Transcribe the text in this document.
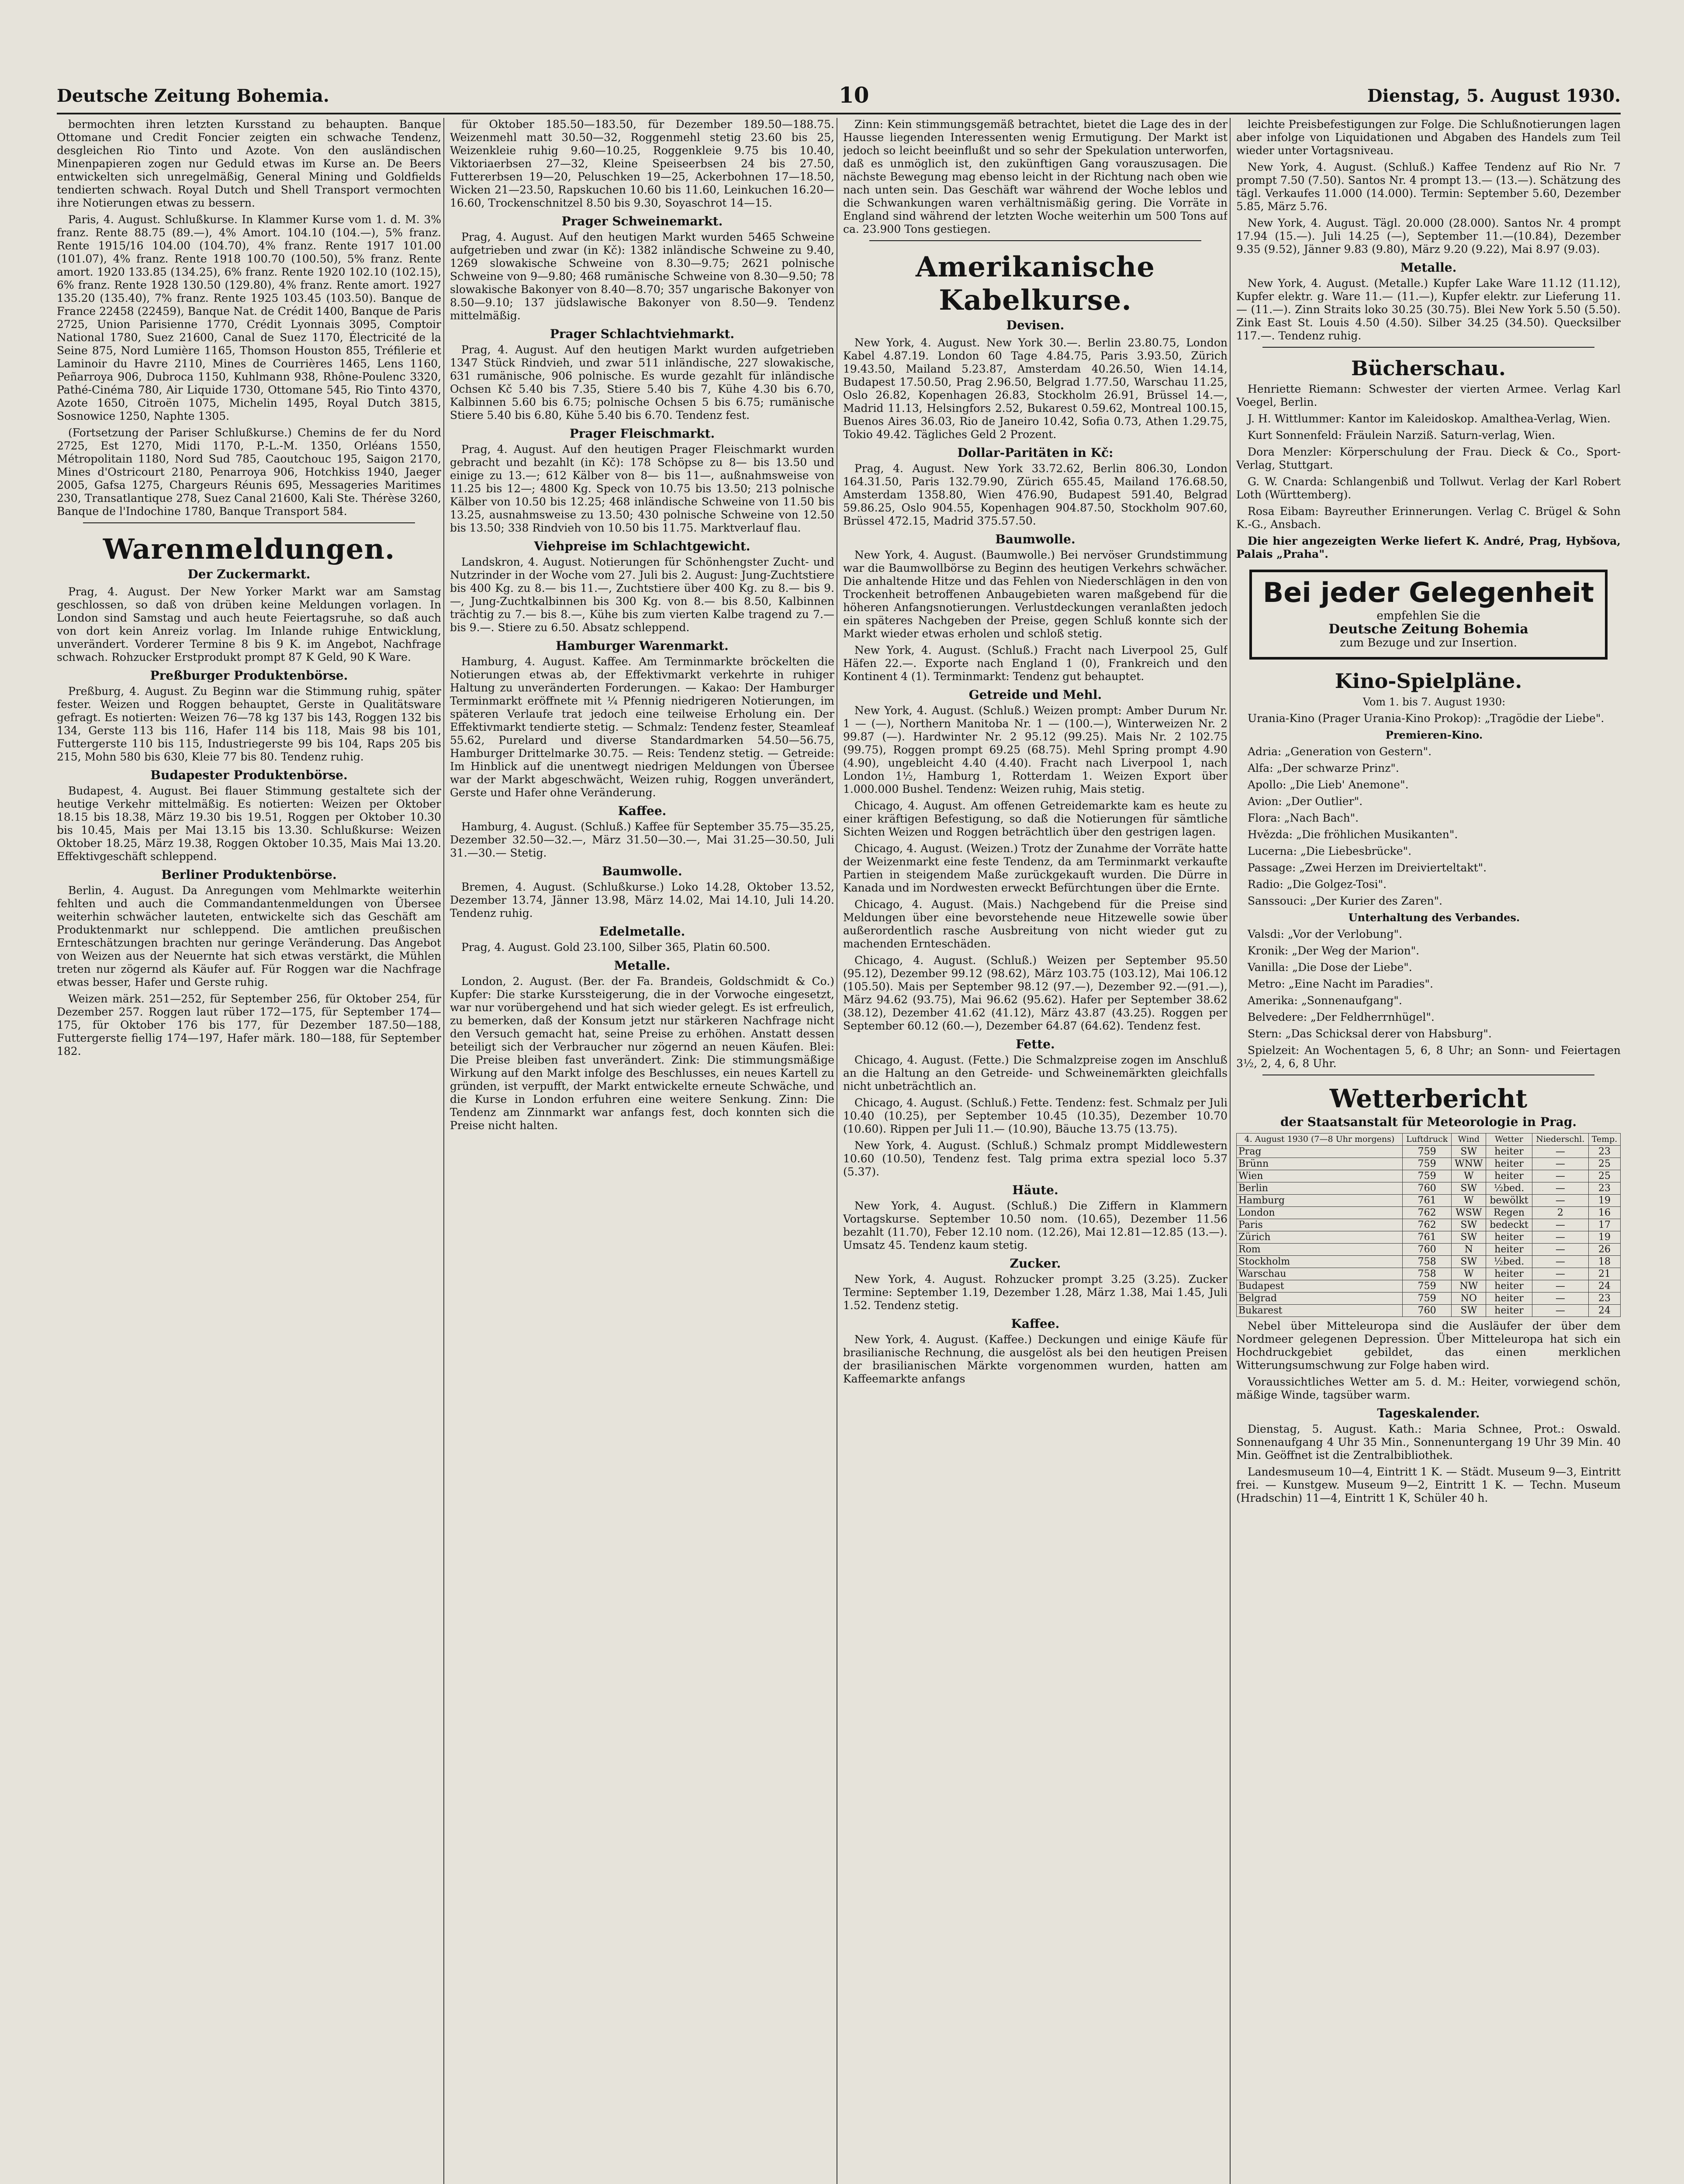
Deutsche Zeitung Bohemia.	10	Dienstag, 5. August 1930.

bermochten ihren letzten Kursstand zu behaupten. Banque Ottomane und Credit Foncier zeigten ein schwache Tendenz, desgleichen Rio Tinto und Azote. Von den ausländischen Minenpapieren zogen nur Geduld etwas im Kurse an. De Beers entwickelten sich unregelmäßig, General Mining und Goldfields tendierten schwach. Royal Dutch und Shell Transport vermochten ihre Notierungen etwas zu bessern.

Paris, 4. August. Schlußkurse. In Klammer Kurse vom 1. d. M. 3% franz. Rente 88.75 (89.—), 4% Amort. 104.10 (104.—), 5% franz. Rente 1915/16 104.00 (104.70), 4% franz. Rente 1917 101.00 (101.07), 4% franz. Rente 1918 100.70 (100.50), 5% franz. Rente amort. 1920 133.85 (134.25), 6% franz. Rente 1920 102.10 (102.15), 6% franz. Rente 1928 130.50 (129.80), 4% franz. Rente amort. 1927 135.20 (135.40), 7% franz. Rente 1925 103.45 (103.50). Banque de France 22458 (22459), Banque Nat. de Crédit 1400, Banque de Paris 2725, Union Parisienne 1770, Crédit Lyonnais 3095, Comptoir National 1780, Suez 21600, Canal de Suez 1170, Électricité de la Seine 875, Nord Lumière 1165, Thomson Houston 855, Tréfilerie et Laminoir du Havre 2110, Mines de Courrières 1465, Lens 1160, Peñarroya 906, Dubroca 1150, Kuhlmann 938, Rhône-Poulenc 3320, Pathé-Cinéma 780, Air Liquide 1730, Ottomane 545, Rio Tinto 4370, Azote 1650, Citroën 1075, Michelin 1495, Royal Dutch 3815, Sosnowice 1250, Naphte 1305.

(Fortsetzung der Pariser Schlußkurse.) Chemins de fer du Nord 2725, Est 1270, Midi 1170, P.-L.-M. 1350, Orléans 1550, Métropolitain 1180, Nord Sud 785, Caoutchouc 195, Saigon 2170, Mines d'Ostricourt 2180, Penarroya 906, Hotchkiss 1940, Jaeger 2005, Gafsa 1275, Chargeurs Réunis 695, Messageries Maritimes 230, Transatlantique 278, Suez Canal 21600, Kali Ste. Thérèse 3260, Banque de l'Indochine 1780, Banque Transport 584.

Warenmeldungen.
Der Zuckermarkt.

Prag, 4. August. Der New Yorker Markt war am Samstag geschlossen, so daß von drüben keine Meldungen vorlagen. In London sind Samstag und auch heute Feiertagsruhe, so daß auch von dort kein Anreiz vorlag. Im Inlande ruhige Entwicklung, unverändert. Vorderer Termine 8 bis 9 K. im Angebot, Nachfrage schwach. Rohzucker Erstprodukt prompt 87 K Geld, 90 K Ware.

Preßburger Produktenbörse.

Preßburg, 4. August. Zu Beginn war die Stimmung ruhig, später fester. Weizen und Roggen behauptet, Gerste in Qualitätsware gefragt. Es notierten: Weizen 76—78 kg 137 bis 143, Roggen 132 bis 134, Gerste 113 bis 116, Hafer 114 bis 118, Mais 98 bis 101, Futtergerste 110 bis 115, Industriegerste 99 bis 104, Raps 205 bis 215, Mohn 580 bis 630, Kleie 77 bis 80. Tendenz ruhig.

Budapester Produktenbörse.

Budapest, 4. August. Bei flauer Stimmung gestaltete sich der heutige Verkehr mittelmäßig. Es notierten: Weizen per Oktober 18.15 bis 18.38, März 19.30 bis 19.51, Roggen per Oktober 10.30 bis 10.45, Mais per Mai 13.15 bis 13.30. Schlußkurse: Weizen Oktober 18.25, März 19.38, Roggen Oktober 10.35, Mais Mai 13.20. Effektivgeschäft schleppend.

Berliner Produktenbörse.

Berlin, 4. August. Da Anregungen vom Mehlmarkte weiterhin fehlten und auch die Commandantenmeldungen von Übersee weiterhin schwächer lauteten, entwickelte sich das Geschäft am Produktenmarkt nur schleppend. Die amtlichen preußischen Ernteschätzungen brachten nur geringe Veränderung. Das Angebot von Weizen aus der Neuernte hat sich etwas verstärkt, die Mühlen treten nur zögernd als Käufer auf. Für Roggen war die Nachfrage etwas besser, Hafer und Gerste ruhig.

Weizen märk. 251—252, für September 256, für Oktober 254, für Dezember 257. Roggen laut rüber 172—175, für September 174—175, für Oktober 176 bis 177, für Dezember 187.50—188, Futtergerste fiellig 174—197, Hafer märk. 180—188, für September 182.

für Oktober 185.50—183.50, für Dezember 189.50—188.75. Weizenmehl matt 30.50—32, Roggenmehl stetig 23.60 bis 25, Weizenkleie ruhig 9.60—10.25, Roggenkleie 9.75 bis 10.40, Viktoriaerbsen 27—32, Kleine Speiseerbsen 24 bis 27.50, Futtererbsen 19—20, Peluschken 19—25, Ackerbohnen 17—18.50, Wicken 21—23.50, Rapskuchen 10.60 bis 11.60, Leinkuchen 16.20—16.60, Trockenschnitzel 8.50 bis 9.30, Soyaschrot 14—15.

Prager Schweinemarkt.

Prag, 4. August. Auf den heutigen Markt wurden 5465 Schweine aufgetrieben und zwar (in Kč): 1382 inländische Schweine zu 9.40, 1269 slowakische Schweine von 8.30—9.75; 2621 polnische Schweine von 9—9.80; 468 rumänische Schweine von 8.30—9.50; 78 slowakische Bakonyer von 8.40—8.70; 357 ungarische Bakonyer von 8.50—9.10; 137 jüdslawische Bakonyer von 8.50—9. Tendenz mittelmäßig.

Prager Schlachtviehmarkt.

Prag, 4. August. Auf den heutigen Markt wurden aufgetrieben 1347 Stück Rindvieh, und zwar 511 inländische, 227 slowakische, 631 rumänische, 906 polnische. Es wurde gezahlt für inländische Ochsen Kč 5.40 bis 7.35, Stiere 5.40 bis 7, Kühe 4.30 bis 6.70, Kalbinnen 5.60 bis 6.75; polnische Ochsen 5 bis 6.75; rumänische Stiere 5.40 bis 6.80, Kühe 5.40 bis 6.70. Tendenz fest.

Prager Fleischmarkt.

Prag, 4. August. Auf den heutigen Prager Fleischmarkt wurden gebracht und bezahlt (in Kč): 178 Schöpse zu 8— bis 13.50 und einige zu 13.—; 612 Kälber von 8— bis 11—, außnahmsweise von 11.25 bis 12—; 4800 Kg. Speck von 10.75 bis 13.50; 213 polnische Kälber von 10.50 bis 12.25; 468 inländische Schweine von 11.50 bis 13.25, ausnahmsweise zu 13.50; 430 polnische Schweine von 12.50 bis 13.50; 338 Rindvieh von 10.50 bis 11.75. Marktverlauf flau.

Viehpreise im Schlachtgewicht.

Landskron, 4. August. Notierungen für Schönhengster Zucht- und Nutzrinder in der Woche vom 27. Juli bis 2. August: Jung-Zuchtstiere bis 400 Kg. zu 8.— bis 11.—, Zuchtstiere über 400 Kg. zu 8.— bis 9.—, Jung-Zuchtkalbinnen bis 300 Kg. von 8.— bis 8.50, Kalbinnen trächtig zu 7.— bis 8.—, Kühe bis zum vierten Kalbe tragend zu 7.— bis 9.—. Stiere zu 6.50. Absatz schleppend.

Hamburger Warenmarkt.

Hamburg, 4. August. Kaffee. Am Terminmarkte bröckelten die Notierungen etwas ab, der Effektivmarkt verkehrte in ruhiger Haltung zu unveränderten Forderungen. — Kakao: Der Hamburger Terminmarkt eröffnete mit ¼ Pfennig niedrigeren Notierungen, im späteren Verlaufe trat jedoch eine teilweise Erholung ein. Der Effektivmarkt tendierte stetig. — Schmalz: Tendenz fester, Steamleaf 55.62, Purelard und diverse Standardmarken 54.50—56.75, Hamburger Drittelmarke 30.75. — Reis: Tendenz stetig. — Getreide: Im Hinblick auf die unentwegt niedrigen Meldungen von Übersee war der Markt abgeschwächt, Weizen ruhig, Roggen unverändert, Gerste und Hafer ohne Veränderung.

Kaffee.

Hamburg, 4. August. (Schluß.) Kaffee für September 35.75—35.25, Dezember 32.50—32.—, März 31.50—30.—, Mai 31.25—30.50, Juli 31.—30.— Stetig.

Baumwolle.

Bremen, 4. August. (Schlußkurse.) Loko 14.28, Oktober 13.52, Dezember 13.74, Jänner 13.98, März 14.02, Mai 14.10, Juli 14.20. Tendenz ruhig.

Edelmetalle.

Prag, 4. August. Gold 23.100, Silber 365, Platin 60.500.

Metalle.

London, 2. August. (Ber. der Fa. Brandeis, Goldschmidt & Co.) Kupfer: Die starke Kurssteigerung, die in der Vorwoche eingesetzt, war nur vorübergehend und hat sich wieder gelegt. Es ist erfreulich, zu bemerken, daß der Konsum jetzt nur stärkeren Nachfrage nicht den Versuch gemacht hat, seine Preise zu erhöhen. Anstatt dessen beteiligt sich der Verbraucher nur zögernd an neuen Käufen. Blei: Die Preise bleiben fast unverändert. Zink: Die stimmungsmäßige Wirkung auf den Markt infolge des Beschlusses, ein neues Kartell zu gründen, ist verpufft, der Markt entwickelte erneute Schwäche, und die Kurse in London erfuhren eine weitere Senkung. Zinn: Die Tendenz am Zinnmarkt war anfangs fest, doch konnten sich die Preise nicht halten.

Zinn: Kein stimmungsgemäß betrachtet, bietet die Lage des in der Hausse liegenden Interessenten wenig Ermutigung. Der Markt ist jedoch so leicht beeinflußt und so sehr der Spekulation unterworfen, daß es unmöglich ist, den zukünftigen Gang vorauszusagen. Die nächste Bewegung mag ebenso leicht in der Richtung nach oben wie nach unten sein. Das Geschäft war während der Woche leblos und die Schwankungen waren verhältnismäßig gering. Die Vorräte in England sind während der letzten Woche weiterhin um 500 Tons auf ca. 23.900 Tons gestiegen.

Amerikanische Kabelkurse.
Devisen.

New York, 4. August. New York 30.—. Berlin 23.80.75, London Kabel 4.87.19. London 60 Tage 4.84.75, Paris 3.93.50, Zürich 19.43.50, Mailand 5.23.87, Amsterdam 40.26.50, Wien 14.14, Budapest 17.50.50, Prag 2.96.50, Belgrad 1.77.50, Warschau 11.25, Oslo 26.82, Kopenhagen 26.83, Stockholm 26.91, Brüssel 14.—, Madrid 11.13, Helsingfors 2.52, Bukarest 0.59.62, Montreal 100.15, Buenos Aires 36.03, Rio de Janeiro 10.42, Sofia 0.73, Athen 1.29.75, Tokio 49.42. Tägliches Geld 2 Prozent.

Dollar-Paritäten in Kč:

Prag, 4. August. New York 33.72.62, Berlin 806.30, London 164.31.50, Paris 132.79.90, Zürich 655.45, Mailand 176.68.50, Amsterdam 1358.80, Wien 476.90, Budapest 591.40, Belgrad 59.86.25, Oslo 904.55, Kopenhagen 904.87.50, Stockholm 907.60, Brüssel 472.15, Madrid 375.57.50.

Baumwolle.

New York, 4. August. (Baumwolle.) Bei nervöser Grundstimmung war die Baumwollbörse zu Beginn des heutigen Verkehrs schwächer. Die anhaltende Hitze und das Fehlen von Niederschlägen in den von Trockenheit betroffenen Anbaugebieten waren maßgebend für die höheren Anfangsnotierungen. Verlustdeckungen veranlaßten jedoch ein späteres Nachgeben der Preise, gegen Schluß konnte sich der Markt wieder etwas erholen und schloß stetig.

New York, 4. August. (Schluß.) Fracht nach Liverpool 25, Gulf Häfen 22.—. Exporte nach England 1 (0), Frankreich und den Kontinent 4 (1). Terminmarkt: Tendenz gut behauptet.

Getreide und Mehl.

New York, 4. August. (Schluß.) Weizen prompt: Amber Durum Nr. 1 — (—), Northern Manitoba Nr. 1 — (100.—), Winterweizen Nr. 2 99.87 (—). Hardwinter Nr. 2 95.12 (99.25). Mais Nr. 2 102.75 (99.75), Roggen prompt 69.25 (68.75). Mehl Spring prompt 4.90 (4.90), ungebleicht 4.40 (4.40). Fracht nach Liverpool 1, nach London 1½, Hamburg 1, Rotterdam 1. Weizen Export über 1.000.000 Bushel. Tendenz: Weizen ruhig, Mais stetig.

Chicago, 4. August. Am offenen Getreidemarkte kam es heute zu einer kräftigen Befestigung, so daß die Notierungen für sämtliche Sichten Weizen und Roggen beträchtlich über den gestrigen lagen.

Chicago, 4. August. (Weizen.) Trotz der Zunahme der Vorräte hatte der Weizenmarkt eine feste Tendenz, da am Terminmarkt verkaufte Partien in steigendem Maße zurückgekauft wurden. Die Dürre in Kanada und im Nordwesten erweckt Befürchtungen über die Ernte.

Chicago, 4. August. (Mais.) Nachgebend für die Preise sind Meldungen über eine bevorstehende neue Hitzewelle sowie über außerordentlich rasche Ausbreitung von nicht wieder gut zu machenden Ernteschäden.

Chicago, 4. August. (Schluß.) Weizen per September 95.50 (95.12), Dezember 99.12 (98.62), März 103.75 (103.12), Mai 106.12 (105.50). Mais per September 98.12 (97.—), Dezember 92.—(91.—), März 94.62 (93.75), Mai 96.62 (95.62). Hafer per September 38.62 (38.12), Dezember 41.62 (41.12), März 43.87 (43.25). Roggen per September 60.12 (60.—), Dezember 64.87 (64.62). Tendenz fest.

Fette.

Chicago, 4. August. (Fette.) Die Schmalzpreise zogen im Anschluß an die Haltung an den Getreide- und Schweinemärkten gleichfalls nicht unbeträchtlich an.

Chicago, 4. August. (Schluß.) Fette. Tendenz: fest. Schmalz per Juli 10.40 (10.25), per September 10.45 (10.35), Dezember 10.70 (10.60). Rippen per Juli 11.— (10.90), Bäuche 13.75 (13.75).

New York, 4. August. (Schluß.) Schmalz prompt Middlewestern 10.60 (10.50), Tendenz fest. Talg prima extra spezial loco 5.37 (5.37).

Häute.

New York, 4. August. (Schluß.) Die Ziffern in Klammern Vortagskurse. September 10.50 nom. (10.65), Dezember 11.56 bezahlt (11.70), Feber 12.10 nom. (12.26), Mai 12.81—12.85 (13.—). Umsatz 45. Tendenz kaum stetig.

Zucker.

New York, 4. August. Rohzucker prompt 3.25 (3.25). Zucker Termine: September 1.19, Dezember 1.28, März 1.38, Mai 1.45, Juli 1.52. Tendenz stetig.

Kaffee.

New York, 4. August. (Kaffee.) Deckungen und einige Käufe für brasilianische Rechnung, die ausgelöst als bei den heutigen Preisen der brasilianischen Märkte vorgenommen wurden, hatten am Kaffeemarkte anfangs

leichte Preisbefestigungen zur Folge. Die Schlußnotierungen lagen aber infolge von Liquidationen und Abgaben des Handels zum Teil wieder unter Vortagsniveau.

New York, 4. August. (Schluß.) Kaffee Tendenz auf Rio Nr. 7 prompt 7.50 (7.50). Santos Nr. 4 prompt 13.— (13.—). Schätzung des tägl. Verkaufes 11.000 (14.000). Termin: September 5.60, Dezember 5.85, März 5.76.

New York, 4. August. Tägl. 20.000 (28.000). Santos Nr. 4 prompt 17.94 (15.—). Juli 14.25 (—), September 11.—(10.84), Dezember 9.35 (9.52), Jänner 9.83 (9.80), März 9.20 (9.22), Mai 8.97 (9.03).

Metalle.

New York, 4. August. (Metalle.) Kupfer Lake Ware 11.12 (11.12), Kupfer elektr. g. Ware 11.— (11.—), Kupfer elektr. zur Lieferung 11.— (11.—). Zinn Straits loko 30.25 (30.75). Blei New York 5.50 (5.50). Zink East St. Louis 4.50 (4.50). Silber 34.25 (34.50). Quecksilber 117.—. Tendenz ruhig.

Bücherschau.

Henriette Riemann: Schwester der vierten Armee. Verlag Karl Voegel, Berlin.

J. H. Wittlummer: Kantor im Kaleidoskop. Amalthea-Verlag, Wien.

Kurt Sonnenfeld: Fräulein Narziß. Saturn-verlag, Wien.

Dora Menzler: Körperschulung der Frau. Dieck & Co., Sport-Verlag, Stuttgart.

G. W. Cnarda: Schlangenbiß und Tollwut. Verlag der Karl Robert Loth (Württemberg).

Rosa Eibam: Bayreuther Erinnerungen. Verlag C. Brügel & Sohn K.-G., Ansbach.

Die hier angezeigten Werke liefert K. André, Prag, Hybšova, Palais „Praha".

Bei jeder Gelegenheit
empfehlen Sie die
Deutsche Zeitung Bohemia
zum Bezuge und zur Insertion.
Kino-Spielpläne.

Vom 1. bis 7. August 1930:

Urania-Kino (Prager Urania-Kino Prokop): „Tragödie der Liebe".

Premieren-Kino.

Adria: „Generation von Gestern".

Alfa: „Der schwarze Prinz".

Apollo: „Die Lieb' Anemone".

Avion: „Der Outlier".

Flora: „Nach Bach".

Hvězda: „Die fröhlichen Musikanten".

Lucerna: „Die Liebesbrücke".

Passage: „Zwei Herzen im Dreivierteltakt".

Radio: „Die Golgez-Tosi".

Sanssouci: „Der Kurier des Zaren".

Unterhaltung des Verbandes.

Valsdi: „Vor der Verlobung".

Kronik: „Der Weg der Marion".

Vanilla: „Die Dose der Liebe".

Metro: „Eine Nacht im Paradies".

Amerika: „Sonnenaufgang".

Belvedere: „Der Feldherrnhügel".

Stern: „Das Schicksal derer von Habsburg".

Spielzeit: An Wochentagen 5, 6, 8 Uhr; an Sonn- und Feiertagen 3½, 2, 4, 6, 8 Uhr.

Wetterbericht
der Staatsanstalt für Meteorologie in Prag.
4. August 1930 (7—8 Uhr morgens)	Luftdruck	Wind	Wetter	Niederschl.	Temp.
Prag	759	SW	heiter	—	23
Brünn	759	WNW	heiter	—	25
Wien	759	W	heiter	—	25
Berlin	760	SW	½bed.	—	23
Hamburg	761	W	bewölkt	—	19
London	762	WSW	Regen	2	16
Paris	762	SW	bedeckt	—	17
Zürich	761	SW	heiter	—	19
Rom	760	N	heiter	—	26
Stockholm	758	SW	½bed.	—	18
Warschau	758	W	heiter	—	21
Budapest	759	NW	heiter	—	24
Belgrad	759	NO	heiter	—	23
Bukarest	760	SW	heiter	—	24

Nebel über Mitteleuropa sind die Ausläufer der über dem Nordmeer gelegenen Depression. Über Mitteleuropa hat sich ein Hochdruckgebiet gebildet, das einen merklichen Witterungsumschwung zur Folge haben wird.

Voraussichtliches Wetter am 5. d. M.: Heiter, vorwiegend schön, mäßige Winde, tagsüber warm.

Tageskalender.

Dienstag, 5. August. Kath.: Maria Schnee, Prot.: Oswald. Sonnenaufgang 4 Uhr 35 Min., Sonnenuntergang 19 Uhr 39 Min. 40 Min. Geöffnet ist die Zentralbibliothek.

Landesmuseum 10—4, Eintritt 1 K. — Städt. Museum 9—3, Eintritt frei. — Kunstgew. Museum 9—2, Eintritt 1 K. — Techn. Museum (Hradschin) 11—4, Eintritt 1 K, Schüler 40 h.
